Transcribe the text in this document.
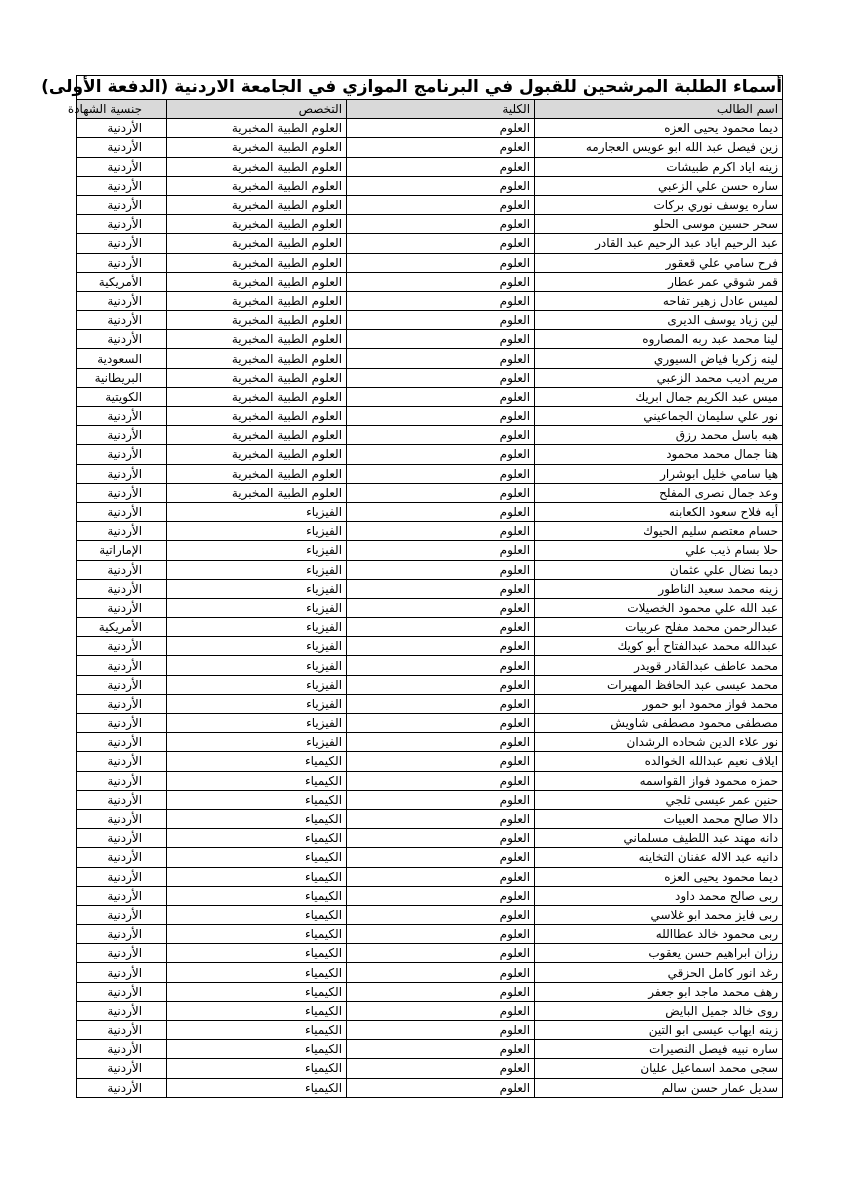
أسماء الطلبة المرشحين للقبول في البرنامج الموازي في الجامعة الاردنية (الدفعة الأولى)			
اسم الطالب	الكلية	التخصص	جنسية الشهادة
ديما محمود يحيى العزه	العلوم	العلوم الطبية المخبرية	الأردنية
زين فيصل عبد الله ابو عويس العجارمه	العلوم	العلوم الطبية المخبرية	الأردنية
زينه اياد اكرم طبيشات	العلوم	العلوم الطبية المخبرية	الأردنية
ساره حسن علي الزعبي	العلوم	العلوم الطبية المخبرية	الأردنية
ساره يوسف نوري بركات	العلوم	العلوم الطبية المخبرية	الأردنية
سحر حسين موسى الحلو	العلوم	العلوم الطبية المخبرية	الأردنية
عبد الرحيم اياد عبد الرحيم عبد القادر	العلوم	العلوم الطبية المخبرية	الأردنية
فرح سامي علي قعقور	العلوم	العلوم الطبية المخبرية	الأردنية
قمر شوقي عمر عطار	العلوم	العلوم الطبية المخبرية	الأمريكية
لميس عادل زهير تفاحه	العلوم	العلوم الطبية المخبرية	الأردنية
لين زياد يوسف الديرى	العلوم	العلوم الطبية المخبرية	الأردنية
لينا محمد عبد ربه المصاروه	العلوم	العلوم الطبية المخبرية	الأردنية
لينه زكريا فياض السيوري	العلوم	العلوم الطبية المخبرية	السعودية
مريم اديب محمد الزعبي	العلوم	العلوم الطبية المخبرية	البريطانية
ميس عبد الكريم جمال ابريك	العلوم	العلوم الطبية المخبرية	الكويتية
نور علي سليمان الجماعيني	العلوم	العلوم الطبية المخبرية	الأردنية
هبه باسل محمد رزق	العلوم	العلوم الطبية المخبرية	الأردنية
هنا جمال محمد محمود	العلوم	العلوم الطبية المخبرية	الأردنية
هيا سامي خليل ابوشرار	العلوم	العلوم الطبية المخبرية	الأردنية
وعد جمال نصرى المفلح	العلوم	العلوم الطبية المخبرية	الأردنية
أيه فلاح سعود الكعابنه	العلوم	الفيزياء	الأردنية
حسام معتصم سليم الحيوك	العلوم	الفيزياء	الأردنية
حلا بسام ذيب علي	العلوم	الفيزياء	الإماراتية
ديما نضال علي عثمان	العلوم	الفيزياء	الأردنية
زينه محمد سعيد الناطور	العلوم	الفيزياء	الأردنية
عبد الله علي محمود الخصيلات	العلوم	الفيزياء	الأردنية
عبدالرحمن محمد مفلح عربيات	العلوم	الفيزياء	الأمريكية
عبدالله محمد عبدالفتاح أبو كويك	العلوم	الفيزياء	الأردنية
محمد عاطف عبدالقادر قويدر	العلوم	الفيزياء	الأردنية
محمد عيسى عبد الحافظ المهيرات	العلوم	الفيزياء	الأردنية
محمد فواز محمود ابو حمور	العلوم	الفيزياء	الأردنية
مصطفى محمود مصطفى شاويش	العلوم	الفيزياء	الأردنية
نور علاء الدين شحاده الرشدان	العلوم	الفيزياء	الأردنية
ايلاف نعيم عبدالله الخوالده	العلوم	الكيمياء	الأردنية
حمزه محمود فواز القواسمه	العلوم	الكيمياء	الأردنية
حنين عمر عيسى ثلجي	العلوم	الكيمياء	الأردنية
دالا صالح محمد العبيات	العلوم	الكيمياء	الأردنية
دانه مهند عبد اللطيف مسلماني	العلوم	الكيمياء	الأردنية
دانيه عبد الاله عفنان التخاينه	العلوم	الكيمياء	الأردنية
ديما محمود يحيى العزه	العلوم	الكيمياء	الأردنية
ربى صالح محمد داود	العلوم	الكيمياء	الأردنية
ربى فايز محمد ابو غلاسي	العلوم	الكيمياء	الأردنية
ربى محمود خالد عطاالله	العلوم	الكيمياء	الأردنية
رزان ابراهيم حسن يعقوب	العلوم	الكيمياء	الأردنية
رغد انور كامل الحزقي	العلوم	الكيمياء	الأردنية
رهف محمد ماجد ابو جعفر	العلوم	الكيمياء	الأردنية
روى خالد جميل البايض	العلوم	الكيمياء	الأردنية
زينه ايهاب عيسى ابو التين	العلوم	الكيمياء	الأردنية
ساره نبيه فيصل النصيرات	العلوم	الكيمياء	الأردنية
سجى محمد اسماعيل عليان	العلوم	الكيمياء	الأردنية
سديل عمار حسن سالم	العلوم	الكيمياء	الأردنية
